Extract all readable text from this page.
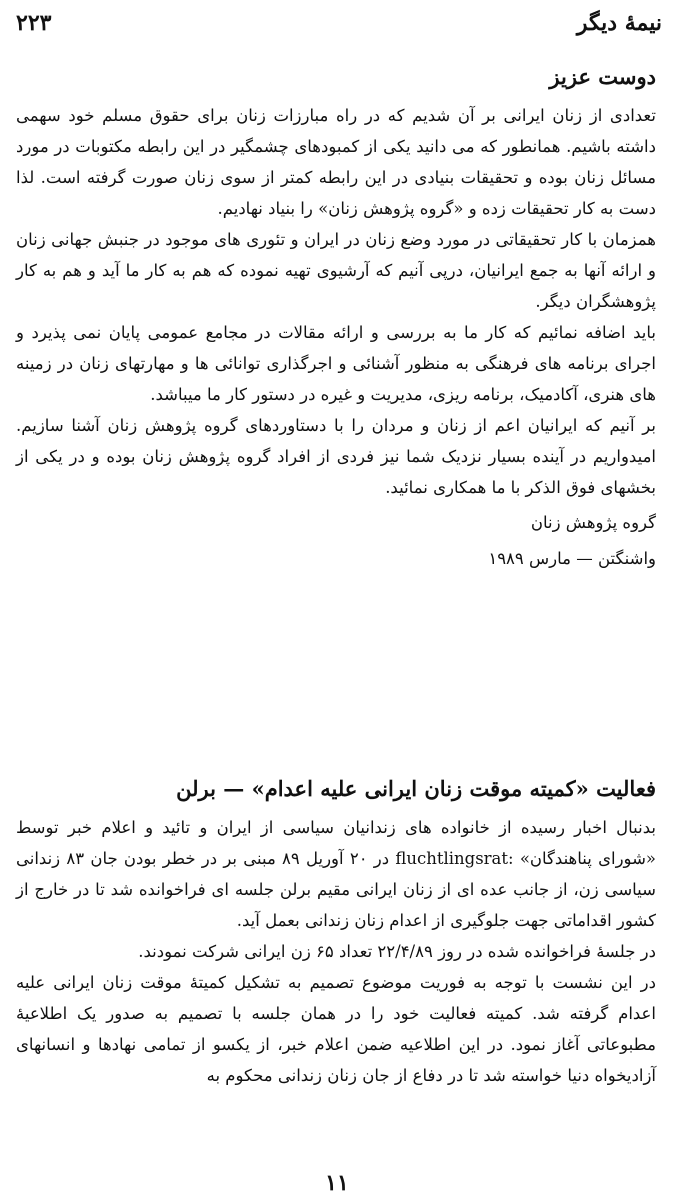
نیمهٔ دیگر
۲۲۳
دوست عزیز

تعدادی از زنان ایرانی بر آن شدیم که در راه مبارزات زنان برای حقوق مسلم خود سهمی داشته باشیم. همانطور که می دانید یکی از کمبودهای چشمگیر در این رابطه مکتوبات در مورد مسائل زنان بوده و تحقیقات بنیادی در این رابطه کمتر از سوی زنان صورت گرفته است. لذا دست به کار تحقیقات زده و «گروه پژوهش زنان» را بنیاد نهادیم.

همزمان با کار تحقیقاتی در مورد وضع زنان در ایران و تئوری های موجود در جنبش جهانی زنان و ارائه آنها به جمع ایرانیان، درپی آنیم که آرشیوی تهیه نموده که هم به کار ما آید و هم به کار پژوهشگران دیگر.

باید اضافه نمائیم که کار ما به بررسی و ارائه مقالات در مجامع عمومی پایان نمی پذیرد و اجرای برنامه های فرهنگی به منظور آشنائی و اجرگذاری توانائی ها و مهارتهای زنان در زمینه های هنری، آکادمیک، برنامه ریزی، مدیریت و غیره در دستور کار ما میباشد.

بر آنیم که ایرانیان اعم از زنان و مردان را با دستاوردهای گروه پژوهش زنان آشنا سازیم. امیدواریم در آینده بسیار نزدیک شما نیز فردی از افراد گروه پژوهش زنان بوده و در یکی از بخشهای فوق الذکر با ما همکاری نمائید.

گروه پژوهش زنان
واشنگتن — مارس ۱۹۸۹
فعالیت «کمیته موقت زنان ایرانی علیه اعدام» — برلن

بدنبال اخبار رسیده از خانواده های زندانیان سیاسی از ایران و تائید و اعلام خبر توسط «شورای پناهندگان» :fluchtlingsrat در ۲۰ آوریل ۸۹ مبنی بر در خطر بودن جان ۸۳ زندانی سیاسی زن، از جانب عده ای از زنان ایرانی مقیم برلن جلسه ای فراخوانده شد تا در خارج از کشور اقداماتی جهت جلوگیری از اعدام زنان زندانی بعمل آید.

در جلسهٔ فراخوانده شده در روز ۲۲/۴/۸۹ تعداد ۶۵ زن ایرانی شرکت نمودند.

در این نشست با توجه به فوریت موضوع تصمیم به تشکیل کمیتهٔ موقت زنان ایرانی علیه اعدام گرفته شد. کمیته فعالیت خود را در همان جلسه با تصمیم به صدور یک اطلاعیهٔ مطبوعاتی آغاز نمود. در این اطلاعیه ضمن اعلام خبر، از یکسو از تمامی نهادها و انسانهای آزادیخواه دنیا خواسته شد تا در دفاع از جان زنان زندانی محکوم به

۱۱
